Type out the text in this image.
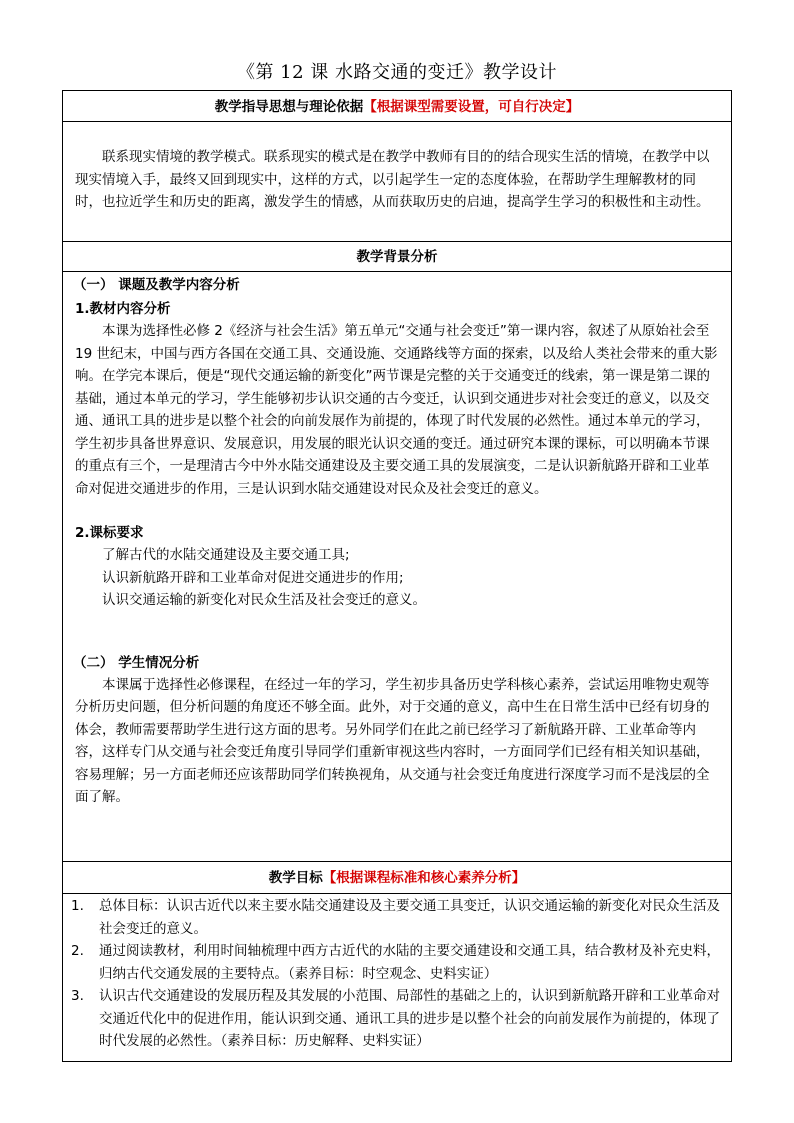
《第 12 课 水路交通的变迁》教学设计
教学指导思想与理论依据【根据课型需要设置，可自行决定】

联系现实情境的教学模式。联系现实的模式是在教学中教师有目的的结合现实生活的情境，在教学中以现实情境入手，最终又回到现实中，这样的方式，以引起学生一定的态度体验，在帮助学生理解教材的同时，也拉近学生和历史的距离，激发学生的情感，从而获取历史的启迪，提高学生学习的积极性和主动性。

教学背景分析
（一） 课题及教学内容分析
1.教材内容分析

本课为选择性必修 2《经济与社会生活》第五单元“交通与社会变迁”第一课内容，叙述了从原始社会至 19 世纪末，中国与西方各国在交通工具、交通设施、交通路线等方面的探索，以及给人类社会带来的重大影响。在学完本课后，便是“现代交通运输的新变化”两节课是完整的关于交通变迁的线索，第一课是第二课的基础，通过本单元的学习，学生能够初步认识交通的古今变迁，认识到交通进步对社会变迁的意义，以及交通、通讯工具的进步是以整个社会的向前发展作为前提的，体现了时代发展的必然性。通过本单元的学习，学生初步具备世界意识、发展意识，用发展的眼光认识交通的变迁。通过研究本课的课标，可以明确本节课的重点有三个，一是理清古今中外水陆交通建设及主要交通工具的发展演变，二是认识新航路开辟和工业革命对促进交通进步的作用，三是认识到水陆交通建设对民众及社会变迁的意义。

2.课标要求
了解古代的水陆交通建设及主要交通工具;
认识新航路开辟和工业革命对促进交通进步的作用;
认识交通运输的新变化对民众生活及社会变迁的意义。
（二） 学生情况分析

本课属于选择性必修课程，在经过一年的学习，学生初步具备历史学科核心素养，尝试运用唯物史观等分析历史问题，但分析问题的角度还不够全面。此外，对于交通的意义，高中生在日常生活中已经有切身的体会，教师需要帮助学生进行这方面的思考。另外同学们在此之前已经学习了新航路开辟、工业革命等内容，这样专门从交通与社会变迁角度引导同学们重新审视这些内容时，一方面同学们已经有相关知识基础，容易理解；另一方面老师还应该帮助同学们转换视角，从交通与社会变迁角度进行深度学习而不是浅层的全面了解。

教学目标【根据课程标准和核心素养分析】
1.	总体目标：认识古近代以来主要水陆交通建设及主要交通工具变迁，认识交通运输的新变化对民众生活及社会变迁的意义。
2.	通过阅读教材，利用时间轴梳理中西方古近代的水陆的主要交通建设和交通工具，结合教材及补充史料，归纳古代交通发展的主要特点。（素养目标：时空观念、史料实证）
3.	认识古代交通建设的发展历程及其发展的小范围、局部性的基础之上的，认识到新航路开辟和工业革命对交通近代化中的促进作用，能认识到交通、通讯工具的进步是以整个社会的向前发展作为前提的，体现了时代发展的必然性。（素养目标：历史解释、史料实证）
